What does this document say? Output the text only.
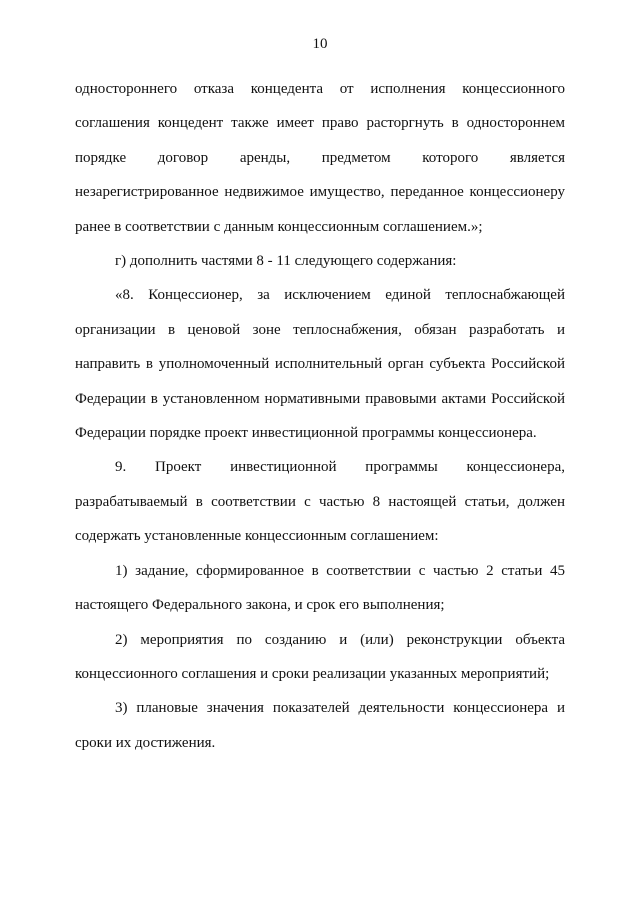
10

одностороннего отказа концедента от исполнения концессионного соглашения концедент также имеет право расторгнуть в одностороннем порядке договор аренды, предметом которого является незарегистрированное недвижимое имущество, переданное концессионеру ранее в соответствии с данным концессионным соглашением.»;

г) дополнить частями 8 - 11 следующего содержания:

«8. Концессионер, за исключением единой теплоснабжающей организации в ценовой зоне теплоснабжения, обязан разработать и направить в уполномоченный исполнительный орган субъекта Российской Федерации в установленном нормативными правовыми актами Российской Федерации порядке проект инвестиционной программы концессионера.

9. Проект инвестиционной программы концессионера, разрабатываемый в соответствии с частью 8 настоящей статьи, должен содержать установленные концессионным соглашением:

1) задание, сформированное в соответствии с частью 2 статьи 45 настоящего Федерального закона, и срок его выполнения;

2) мероприятия по созданию и (или) реконструкции объекта концессионного соглашения и сроки реализации указанных мероприятий;

3) плановые значения показателей деятельности концессионера и сроки их достижения.
